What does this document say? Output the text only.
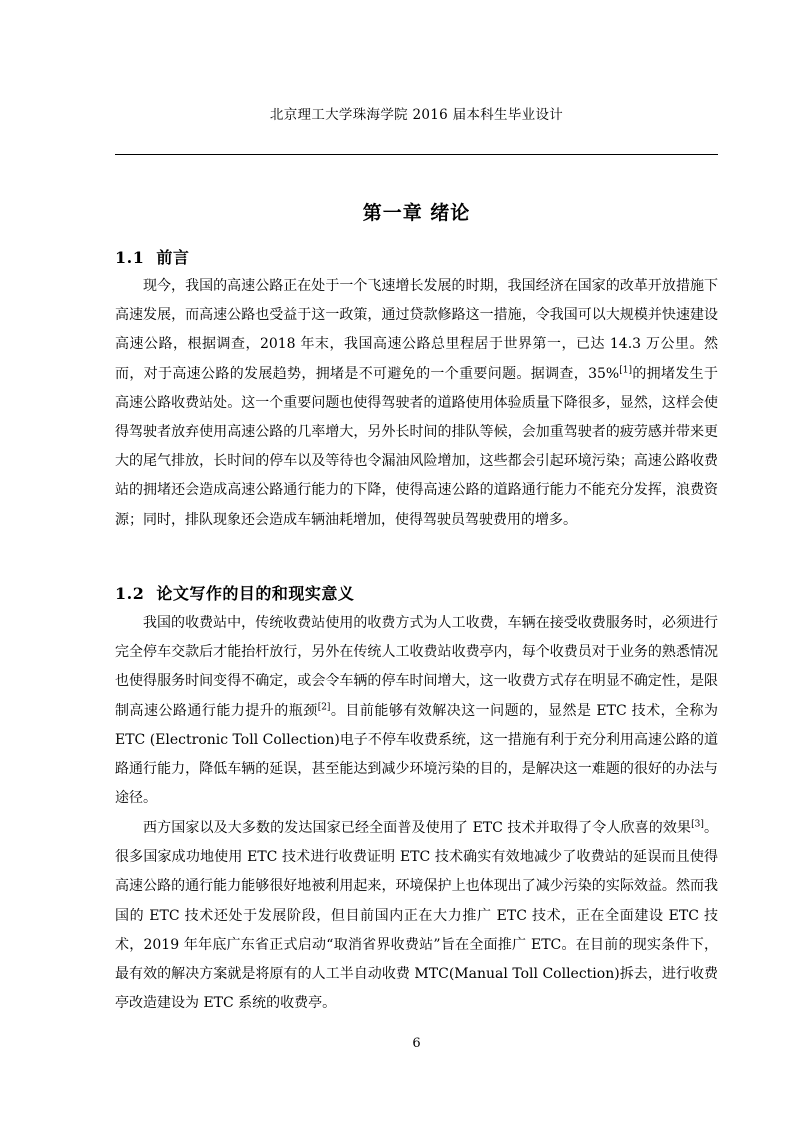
北京理工大学珠海学院 2016 届本科生毕业设计
第一章 绪论
1.1 前言

现今，我国的高速公路正在处于一个飞速增长发展的时期，我国经济在国家的改革开放措施下高速发展，而高速公路也受益于这一政策，通过贷款修路这一措施，令我国可以大规模并快速建设高速公路，根据调查，2018 年末，我国高速公路总里程居于世界第一，已达 14.3 万公里。然而，对于高速公路的发展趋势，拥堵是不可避免的一个重要问题。据调查，35%[1]的拥堵发生于高速公路收费站处。这一个重要问题也使得驾驶者的道路使用体验质量下降很多，显然，这样会使得驾驶者放弃使用高速公路的几率增大，另外长时间的排队等候，会加重驾驶者的疲劳感并带来更大的尾气排放，长时间的停车以及等待也令漏油风险增加，这些都会引起环境污染；高速公路收费站的拥堵还会造成高速公路通行能力的下降，使得高速公路的道路通行能力不能充分发挥，浪费资源；同时，排队现象还会造成车辆油耗增加，使得驾驶员驾驶费用的增多。

1.2 论文写作的目的和现实意义

我国的收费站中，传统收费站使用的收费方式为人工收费，车辆在接受收费服务时，必须进行完全停车交款后才能抬杆放行，另外在传统人工收费站收费亭内，每个收费员对于业务的熟悉情况也使得服务时间变得不确定，或会令车辆的停车时间增大，这一收费方式存在明显不确定性，是限制高速公路通行能力提升的瓶颈[2]。目前能够有效解决这一问题的，显然是 ETC 技术，全称为 ETC (Electronic Toll Collection)电子不停车收费系统，这一措施有利于充分利用高速公路的道路通行能力，降低车辆的延误，甚至能达到减少环境污染的目的，是解决这一难题的很好的办法与途径。

西方国家以及大多数的发达国家已经全面普及使用了 ETC 技术并取得了令人欣喜的效果[3]。很多国家成功地使用 ETC 技术进行收费证明 ETC 技术确实有效地减少了收费站的延误而且使得高速公路的通行能力能够很好地被利用起来，环境保护上也体现出了减少污染的实际效益。然而我国的 ETC 技术还处于发展阶段，但目前国内正在大力推广 ETC 技术，正在全面建设 ETC 技术，2019 年年底广东省正式启动“取消省界收费站”旨在全面推广 ETC。在目前的现实条件下，最有效的解决方案就是将原有的人工半自动收费 MTC(Manual Toll Collection)拆去，进行收费亭改造建设为 ETC 系统的收费亭。

6
